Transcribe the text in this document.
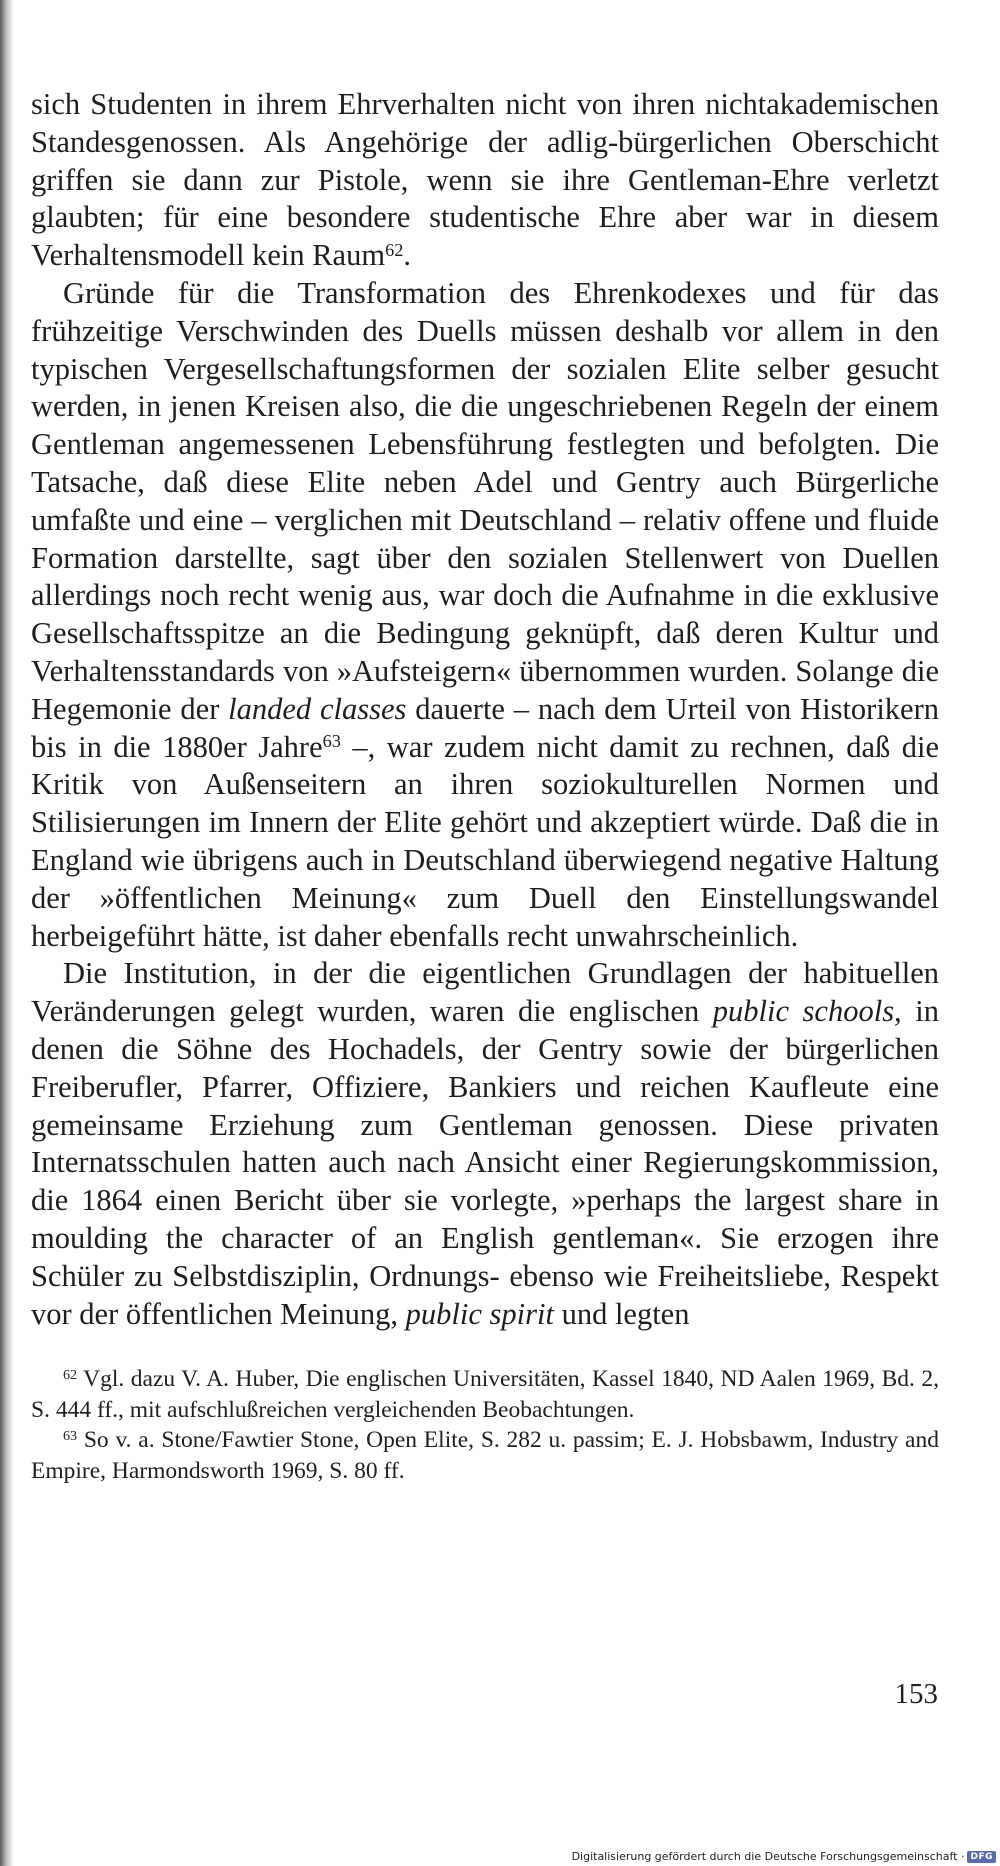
sich Studenten in ihrem Ehrverhalten nicht von ihren nichtakademischen Standesgenossen. Als Angehörige der adlig-bürgerlichen Oberschicht griffen sie dann zur Pistole, wenn sie ihre Gentleman-Ehre verletzt glaubten; für eine besondere studentische Ehre aber war in diesem Verhaltensmodell kein Raum$^{62}$.

Gründe für die Transformation des Ehrenkodexes und für das frühzeitige Verschwinden des Duells müssen deshalb vor allem in den typischen Vergesellschaftungsformen der sozialen Elite selber gesucht werden, in jenen Kreisen also, die die ungeschriebenen Regeln der einem Gentleman angemessenen Lebensführung festlegten und befolgten. Die Tatsache, daß diese Elite neben Adel und Gentry auch Bürgerliche umfaßte und eine – verglichen mit Deutschland – relativ offene und fluide Formation darstellte, sagt über den sozialen Stellenwert von Duellen allerdings noch recht wenig aus, war doch die Aufnahme in die exklusive Gesellschaftsspitze an die Bedingung geknüpft, daß deren Kultur und Verhaltensstandards von »Aufsteigern« übernommen wurden. Solange die Hegemonie der landed classes dauerte – nach dem Urteil von Historikern bis in die 1880er Jahre$^{63}$ –, war zudem nicht damit zu rechnen, daß die Kritik von Außenseitern an ihren soziokulturellen Normen und Stilisierungen im Innern der Elite gehört und akzeptiert würde. Daß die in England wie übrigens auch in Deutschland überwiegend negative Haltung der »öffentlichen Meinung« zum Duell den Einstellungswandel herbeigeführt hätte, ist daher ebenfalls recht unwahrscheinlich.

Die Institution, in der die eigentlichen Grundlagen der habituellen Veränderungen gelegt wurden, waren die englischen public schools, in denen die Söhne des Hochadels, der Gentry sowie der bürgerlichen Freiberufler, Pfarrer, Offiziere, Bankiers und reichen Kaufleute eine gemeinsame Erziehung zum Gentleman genossen. Diese privaten Internatsschulen hatten auch nach Ansicht einer Regierungskommission, die 1864 einen Bericht über sie vorlegte, »perhaps the largest share in moulding the character of an English gentleman«. Sie erzogen ihre Schüler zu Selbstdisziplin, Ordnungs- ebenso wie Freiheitsliebe, Respekt vor der öffentlichen Meinung, public spirit und legten

$^{62}$ Vgl. dazu V. A. Huber, Die englischen Universitäten, Kassel 1840, ND Aalen 1969, Bd. 2, S. 444 ff., mit aufschlußreichen vergleichenden Beobachtungen.

$^{63}$ So v. a. Stone/Fawtier Stone, Open Elite, S. 282 u. passim; E. J. Hobsbawm, Industry and Empire, Harmondsworth 1969, S. 80 ff.

153
Digitalisierung gefördert durch die Deutsche Forschungsgemeinschaft · DFG
